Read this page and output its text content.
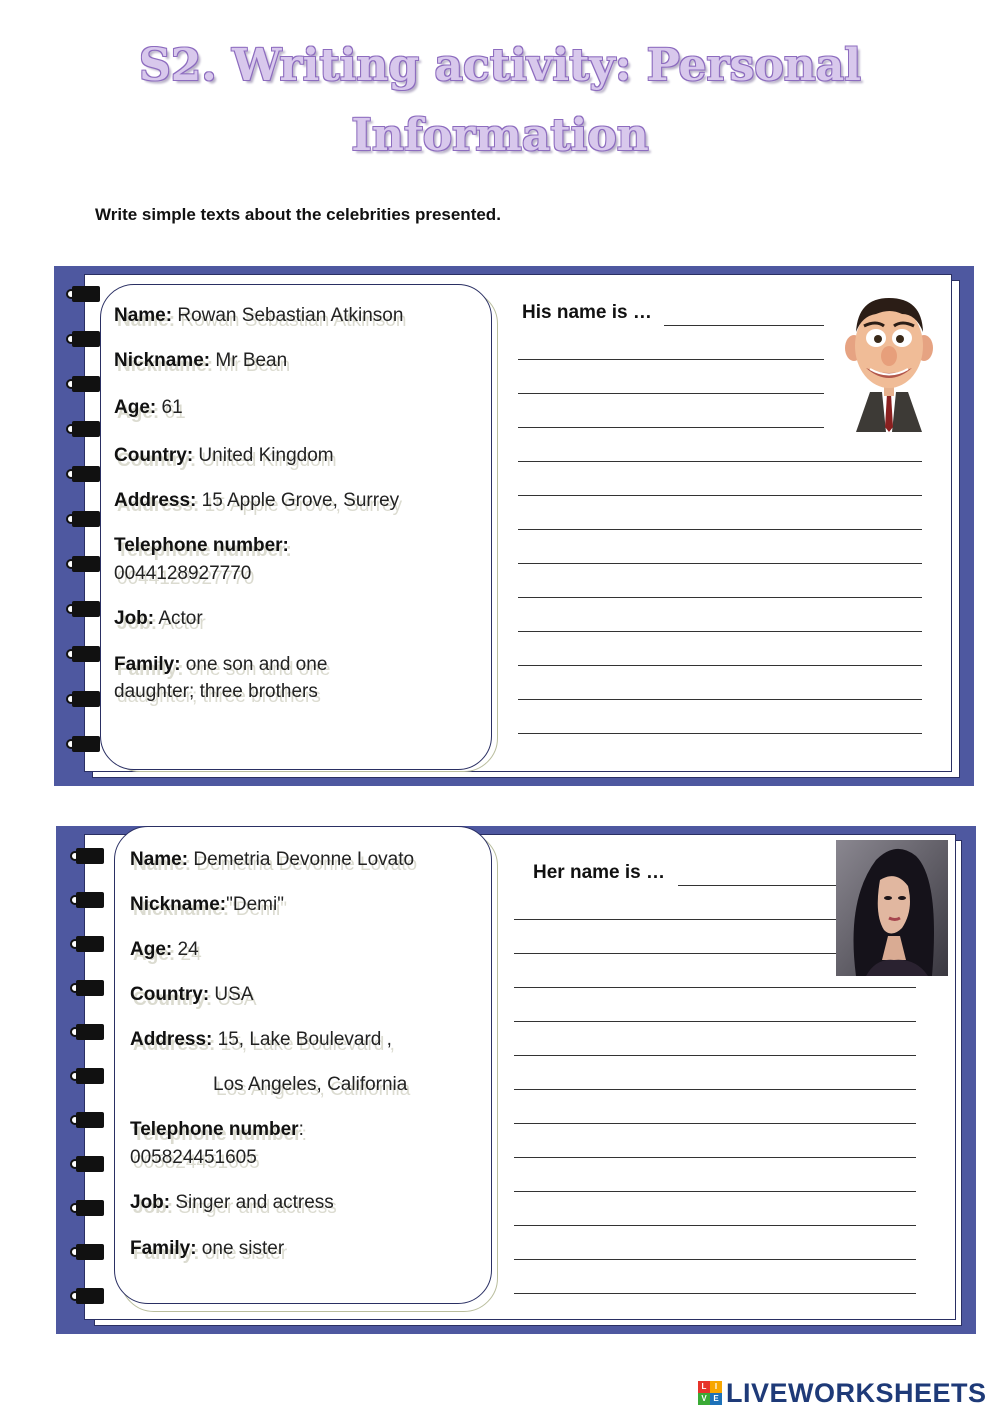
S2. Writing activity: Personal
Information
Write simple texts about the celebrities presented.
Name: Rowan Sebastian Atkinson
Nickname: Mr Bean
Age: 61
Country: United Kingdom
Address: 15 Apple Grove, Surrey
Telephone number:
0044128927770
Job: Actor
Family: one son and one
daughter; three brothers
His name is …
Name: Demetria Devonne Lovato
Nickname:"Demi"
Age: 24
Country: USA
Address: 15, Lake Boulevard ,
Los Angeles, California
Telephone number:
005824451605
Job: Singer and actress
Family: one sister
Her name is …
L	I
V E LIVEWORKSHEETS
